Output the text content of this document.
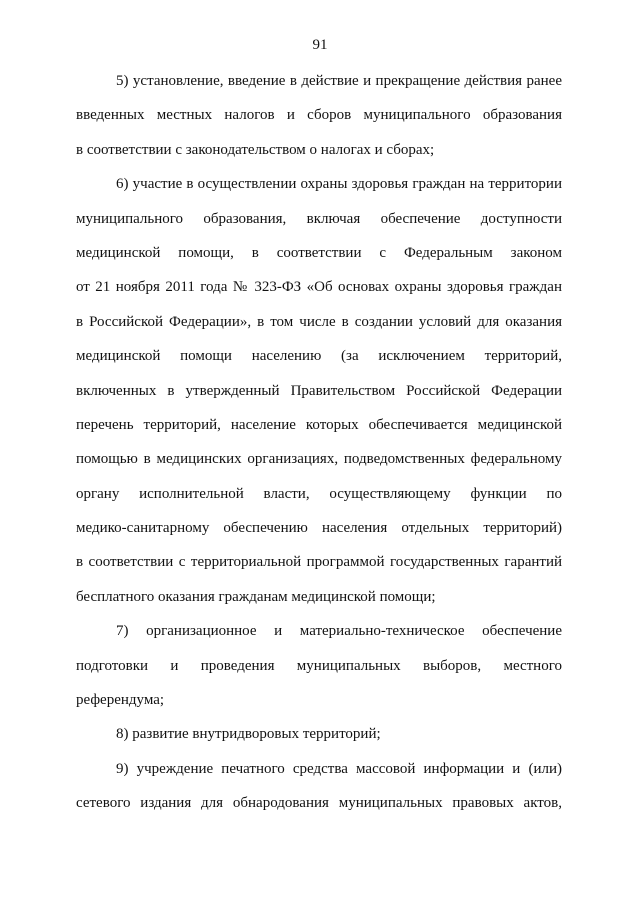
91
5) установление, введение в действие и прекращение действия ранее
введенных местных налогов и сборов муниципального образования
в соответствии с законодательством о налогах и сборах;
6) участие в осуществлении охраны здоровья граждан на территории
муниципального образования, включая обеспечение доступности
медицинской помощи, в соответствии с Федеральным законом
от 21 ноября 2011 года № 323-ФЗ «Об основах охраны здоровья граждан
в Российской Федерации», в том числе в создании условий для оказания
медицинской помощи населению (за исключением территорий,
включенных в утвержденный Правительством Российской Федерации
перечень территорий, население которых обеспечивается медицинской
помощью в медицинских организациях, подведомственных федеральному
органу исполнительной власти, осуществляющему функции по
медико-санитарному обеспечению населения отдельных территорий)
в соответствии с территориальной программой государственных гарантий
бесплатного оказания гражданам медицинской помощи;
7) организационное и материально-техническое обеспечение
подготовки и проведения муниципальных выборов, местного
референдума;
8) развитие внутридворовых территорий;
9) учреждение печатного средства массовой информации и (или)
сетевого издания для обнародования муниципальных правовых актов,
